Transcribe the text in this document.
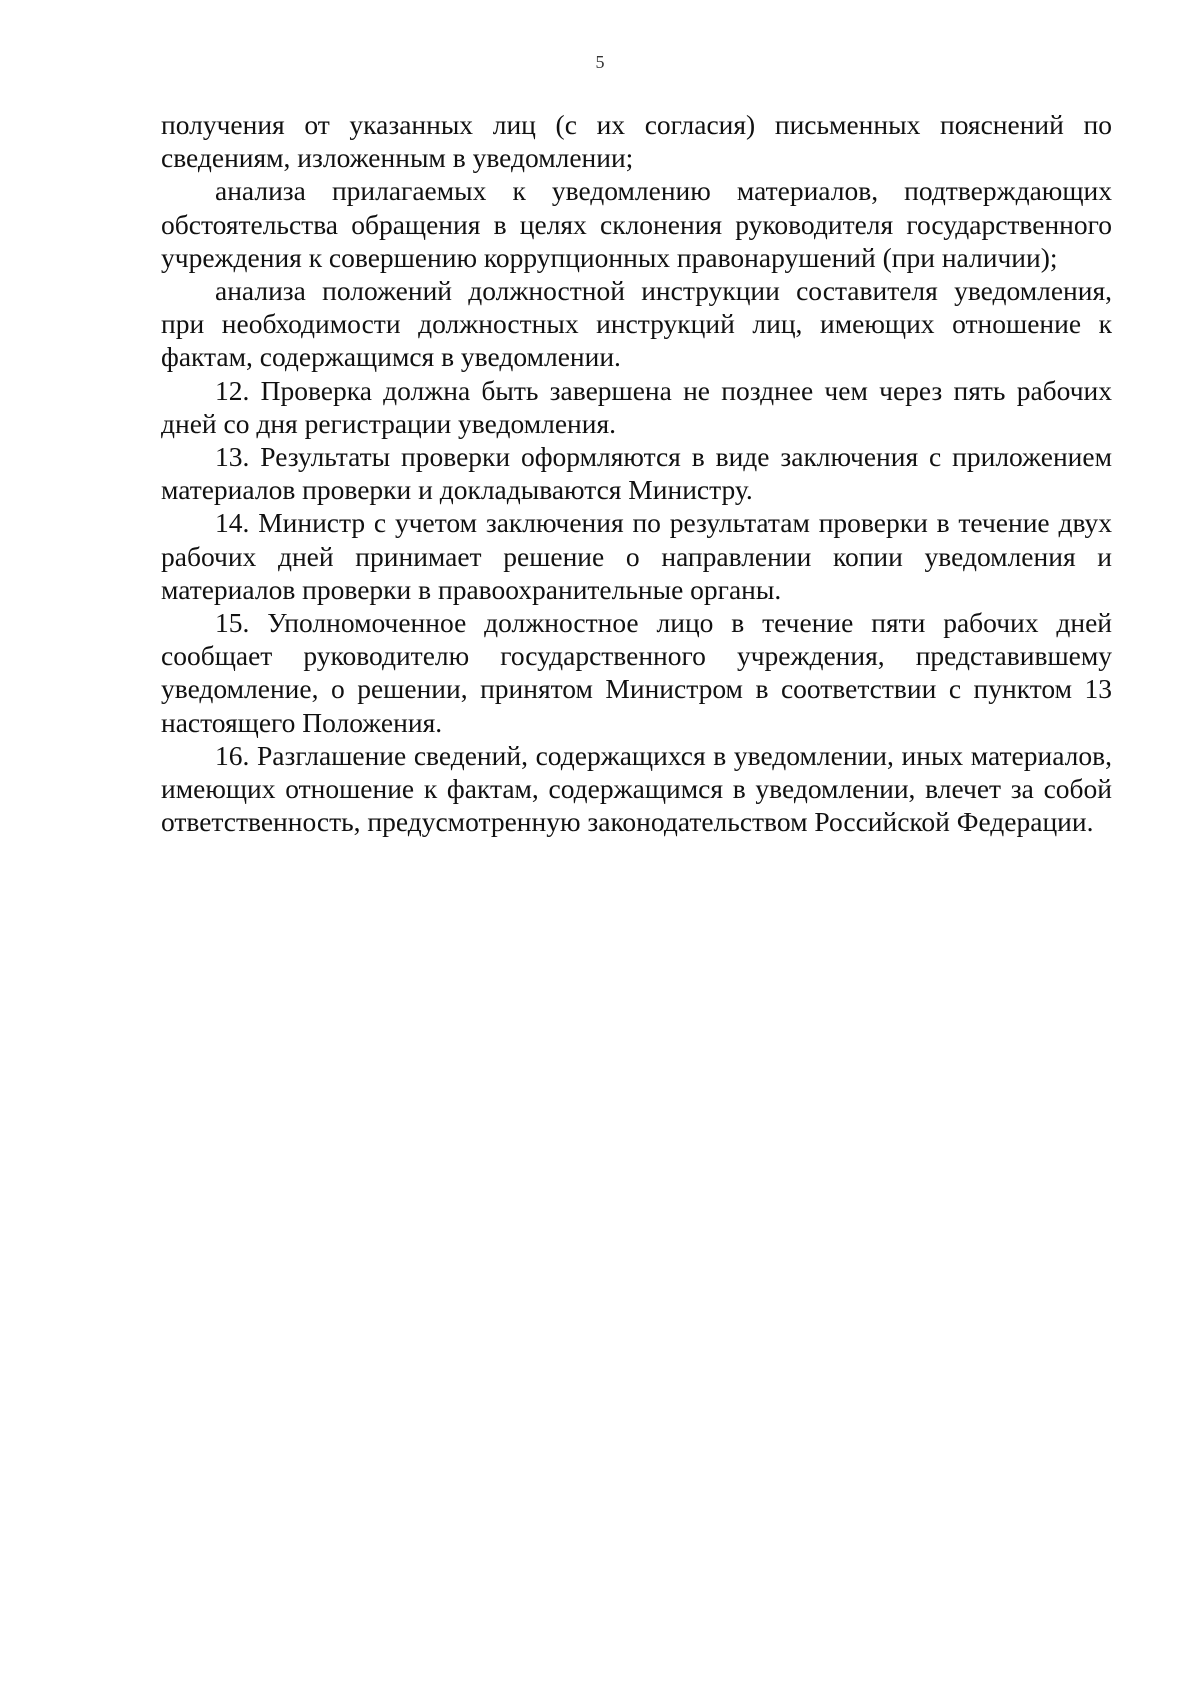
5

получения от указанных лиц (с их согласия) письменных пояснений по сведениям, изложенным в уведомлении;

анализа прилагаемых к уведомлению материалов, подтверждающих обстоятельства обращения в целях склонения руководителя государственного учреждения к совершению коррупционных правонарушений (при наличии);

анализа положений должностной инструкции составителя уведомления, при необходимости должностных инструкций лиц, имеющих отношение к фактам, содержащимся в уведомлении.

12. Проверка должна быть завершена не позднее чем через пять рабочих дней со дня регистрации уведомления.

13. Результаты проверки оформляются в виде заключения с приложением материалов проверки и докладываются Министру.

14. Министр с учетом заключения по результатам проверки в течение двух рабочих дней принимает решение о направлении копии уведомления и материалов проверки в правоохранительные органы.

15. Уполномоченное должностное лицо в течение пяти рабочих дней сообщает руководителю государственного учреждения, представившему уведомление, о решении, принятом Министром в соответствии с пунктом 13 настоящего Положения.

16. Разглашение сведений, содержащихся в уведомлении, иных материалов, имеющих отношение к фактам, содержащимся в уведомлении, влечет за собой ответственность, предусмотренную законодательством Российской Федерации.
